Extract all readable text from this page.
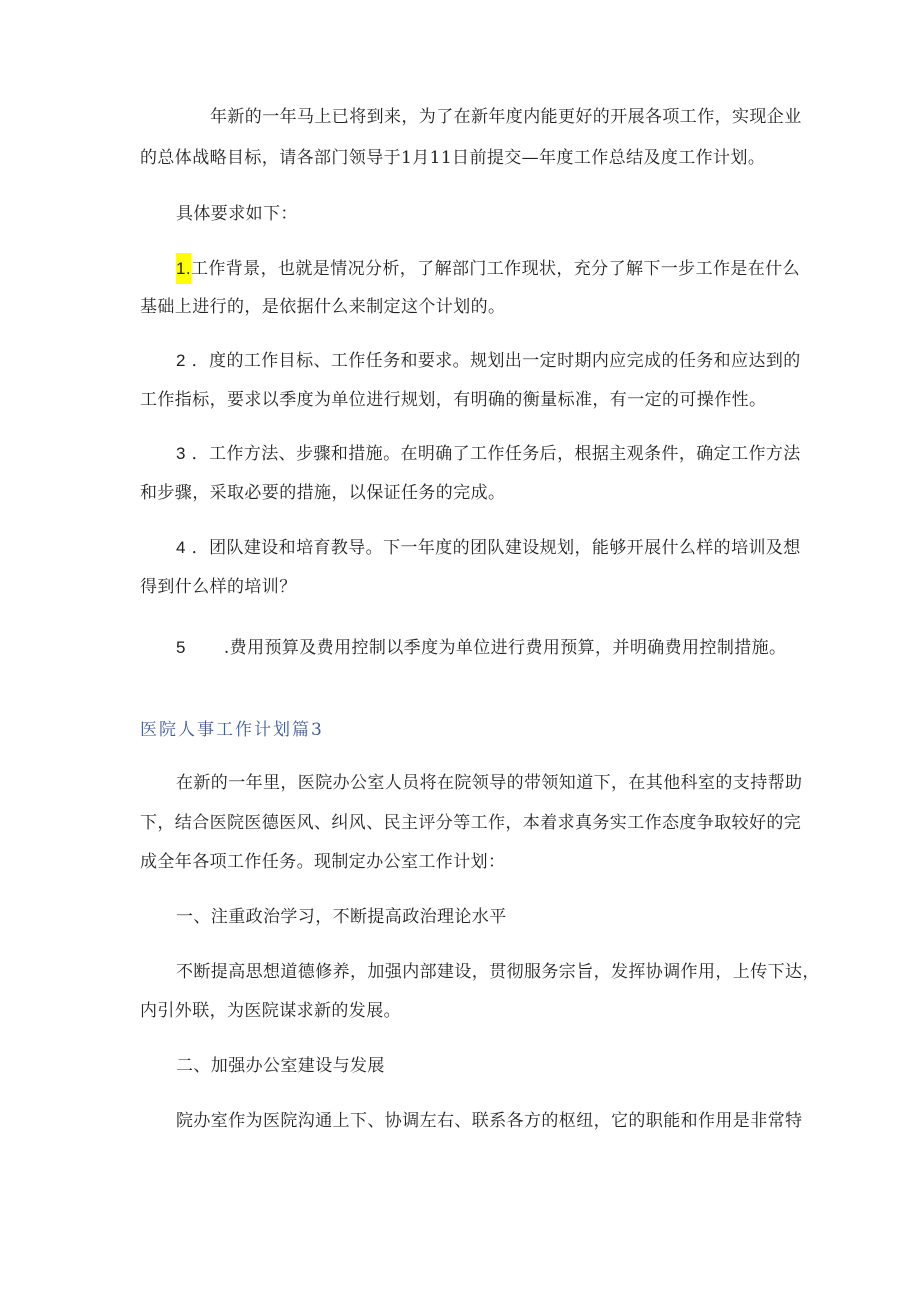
年新的一年马上已将到来，为了在新年度内能更好的开展各项工作，实现企业
的总体战略目标，请各部门领导于1月11日前提交—年度工作总结及度工作计划。
具体要求如下：
1.工作背景，也就是情况分析，了解部门工作现状，充分了解下一步工作是在什么
基础上进行的，是依据什么来制定这个计划的。
2 ．度的工作目标、工作任务和要求。规划出一定时期内应完成的任务和应达到的
工作指标，要求以季度为单位进行规划，有明确的衡量标准，有一定的可操作性。
3 ．工作方法、步骤和措施。在明确了工作任务后，根据主观条件，确定工作方法
和步骤，采取必要的措施，以保证任务的完成。
4 ．团队建设和培育教导。下一年度的团队建设规划，能够开展什么样的培训及想
得到什么样的培训？
5 .费用预算及费用控制以季度为单位进行费用预算，并明确费用控制措施。
医院人事工作计划篇3
在新的一年里，医院办公室人员将在院领导的带领知道下，在其他科室的支持帮助
下，结合医院医德医风、纠风、民主评分等工作，本着求真务实工作态度争取较好的完
成全年各项工作任务。现制定办公室工作计划：
一、注重政治学习，不断提高政治理论水平
不断提高思想道德修养，加强内部建设，贯彻服务宗旨，发挥协调作用，上传下达，
内引外联，为医院谋求新的发展。
二、加强办公室建设与发展
院办室作为医院沟通上下、协调左右、联系各方的枢纽，它的职能和作用是非常特
